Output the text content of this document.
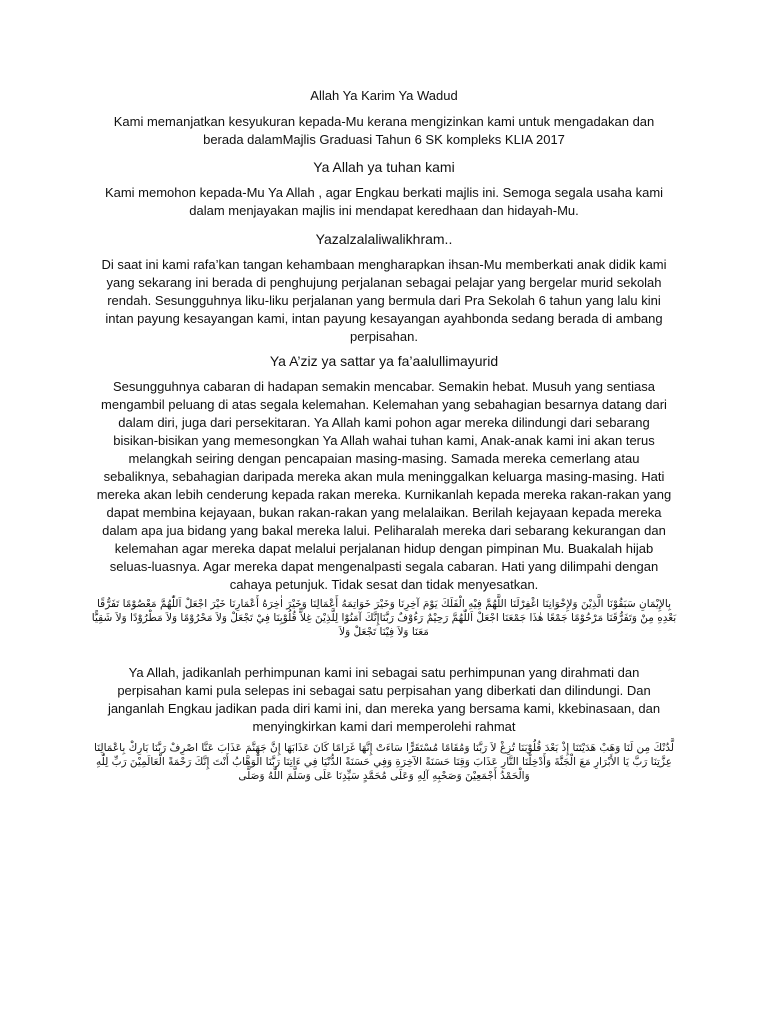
Allah Ya Karim Ya Wadud

Kami memanjatkan kesyukuran kepada-Mu kerana mengizinkan kami untuk mengadakan dan berada dalamMajlis Graduasi Tahun 6 SK kompleks KLIA 2017

Ya Allah ya tuhan kami

Kami memohon kepada-Mu Ya Allah , agar Engkau berkati majlis ini. Semoga segala usaha kami dalam menjayakan majlis ini mendapat keredhaan dan hidayah-Mu.

Yazalzalaliwalikhram..

Di saat ini kami rafa’kan tangan kehambaan mengharapkan ihsan-Mu memberkati anak didik kami yang sekarang ini berada di penghujung perjalanan sebagai pelajar yang bergelar murid sekolah rendah. Sesungguhnya liku-liku perjalanan yang bermula dari Pra Sekolah 6 tahun yang lalu kini intan payung kesayangan kami, intan payung kesayangan ayahbonda sedang berada di ambang perpisahan.

Ya A’ziz ya sattar ya fa’aalullimayurid

Sesungguhnya cabaran di hadapan semakin mencabar. Semakin hebat. Musuh yang sentiasa mengambil peluang di atas segala kelemahan. Kelemahan yang sebahagian besarnya datang dari dalam diri, juga dari persekitaran. Ya Allah kami pohon agar mereka dilindungi dari sebarang bisikan-bisikan yang memesongkan Ya Allah wahai tuhan kami, Anak-anak kami ini akan terus melangkah seiring dengan pencapaian masing-masing. Samada mereka cemerlang atau sebaliknya, sebahagian daripada mereka akan mula meninggalkan keluarga masing-masing. Hati mereka akan lebih cenderung kepada rakan mereka. Kurnikanlah kepada mereka rakan-rakan yang dapat membina kejayaan, bukan rakan-rakan yang melalaikan. Berilah kejayaan kepada mereka dalam apa jua bidang yang bakal mereka lalui. Peliharalah mereka dari sebarang kekurangan dan kelemahan agar mereka dapat melalui perjalanan hidup dengan pimpinan Mu. Buakalah hijab seluas-luasnya. Agar mereka dapat mengenalpasti segala cabaran. Hati yang dilimpahi dengan cahaya petunjuk. Tidak sesat dan tidak menyesatkan.

بِالإِيْمَانِ سَبَقُوْنَا الَّذِيْنَ وَلإِخْوَانِنَا اغْفِرْلَنَا اللَّهُمَّ فِيْهِ الْفَلَكَ يَوْمَ آخِرِنَا وَخَيْرَ خَوَاتِمَهُ أَعْمَالِنَا وَخَيْرَ اٰخِرَهُ أَعْمَارِنَا خَيْرَ اجْعَلْ اَللّٰهُمَّ مَعْصُوْمًا تَفَرُّقًا بَعْدِهِ مِنْ وَتَفَرُّقَنَا مَرْحُوْمًا جَمْعًا هٰذَا جَمْعَنَا اجْعَلْ اَللّٰهُمَّ رَحِيْمٌ رَءُوْفٌ رَبَّنَاإِنَّكَ آمَنُوْا لِلَّذِيْنَ غِلاًّ قُلُوْبِنَا فِيْ تَجْعَلْ وَلاَ مَحْرُوْمًا وَلاَ مَطْرُوْدًا وَلاَ شَقِيًّا مَعَنَا وَلاَ فِيْنَا تَجْعَلْ وَلاَ

Ya Allah, jadikanlah perhimpunan kami ini sebagai satu perhimpunan yang dirahmati dan perpisahan kami pula selepas ini sebagai satu perpisahan yang diberkati dan dilindungi. Dan janganlah Engkau jadikan pada diri kami ini, dan mereka yang bersama kami, kkebinasaan, dan menyingkirkan kami dari memperolehi rahmat

لَّدُنْكَ مِن لَنَا وَهَبْ هَدَيْتَنَا إِذْ بَعْدَ قُلُوْبَنَا تُزِغْ لاَ رَبَّنَا وَمُقَامًا مُسْتَقَرًّا سَاءَتْ إِنَّهَا غَرَامًا كَانَ عَذَابَهَا إِنَّ جَهَنَّمَ عَذَابَ عَنَّا اصْرِفْ رَبَّنَا بَارِكْ بِاعْمَالِنَا عِزَّتِنَا رَبَّ يَا الأَبْرَارِ مَعَ الْجَنَّةَ وَأَدْخِلْنَا النَّارِ عَذَابَ وَقِنَا حَسَنَةً الآخِرَةِ وَفِي حَسَنَةً الدُّنْيَا فِي ءَاتِنَا رَبَّنَا الْوَهَّابُ أَنْتَ إِنَّكَ رَحْمَةً الْعَالَمِيْنَ رَبِّ لِلّٰهِ وَالْحَمْدُ أَجْمَعِيْنَ وَصَحْبِهِ آلِهِ وَعَلَى مُحَمَّدٍ سَيِّدِنَا عَلَى وَسَلَّمَ اللّٰهُ وَصَلَّى
